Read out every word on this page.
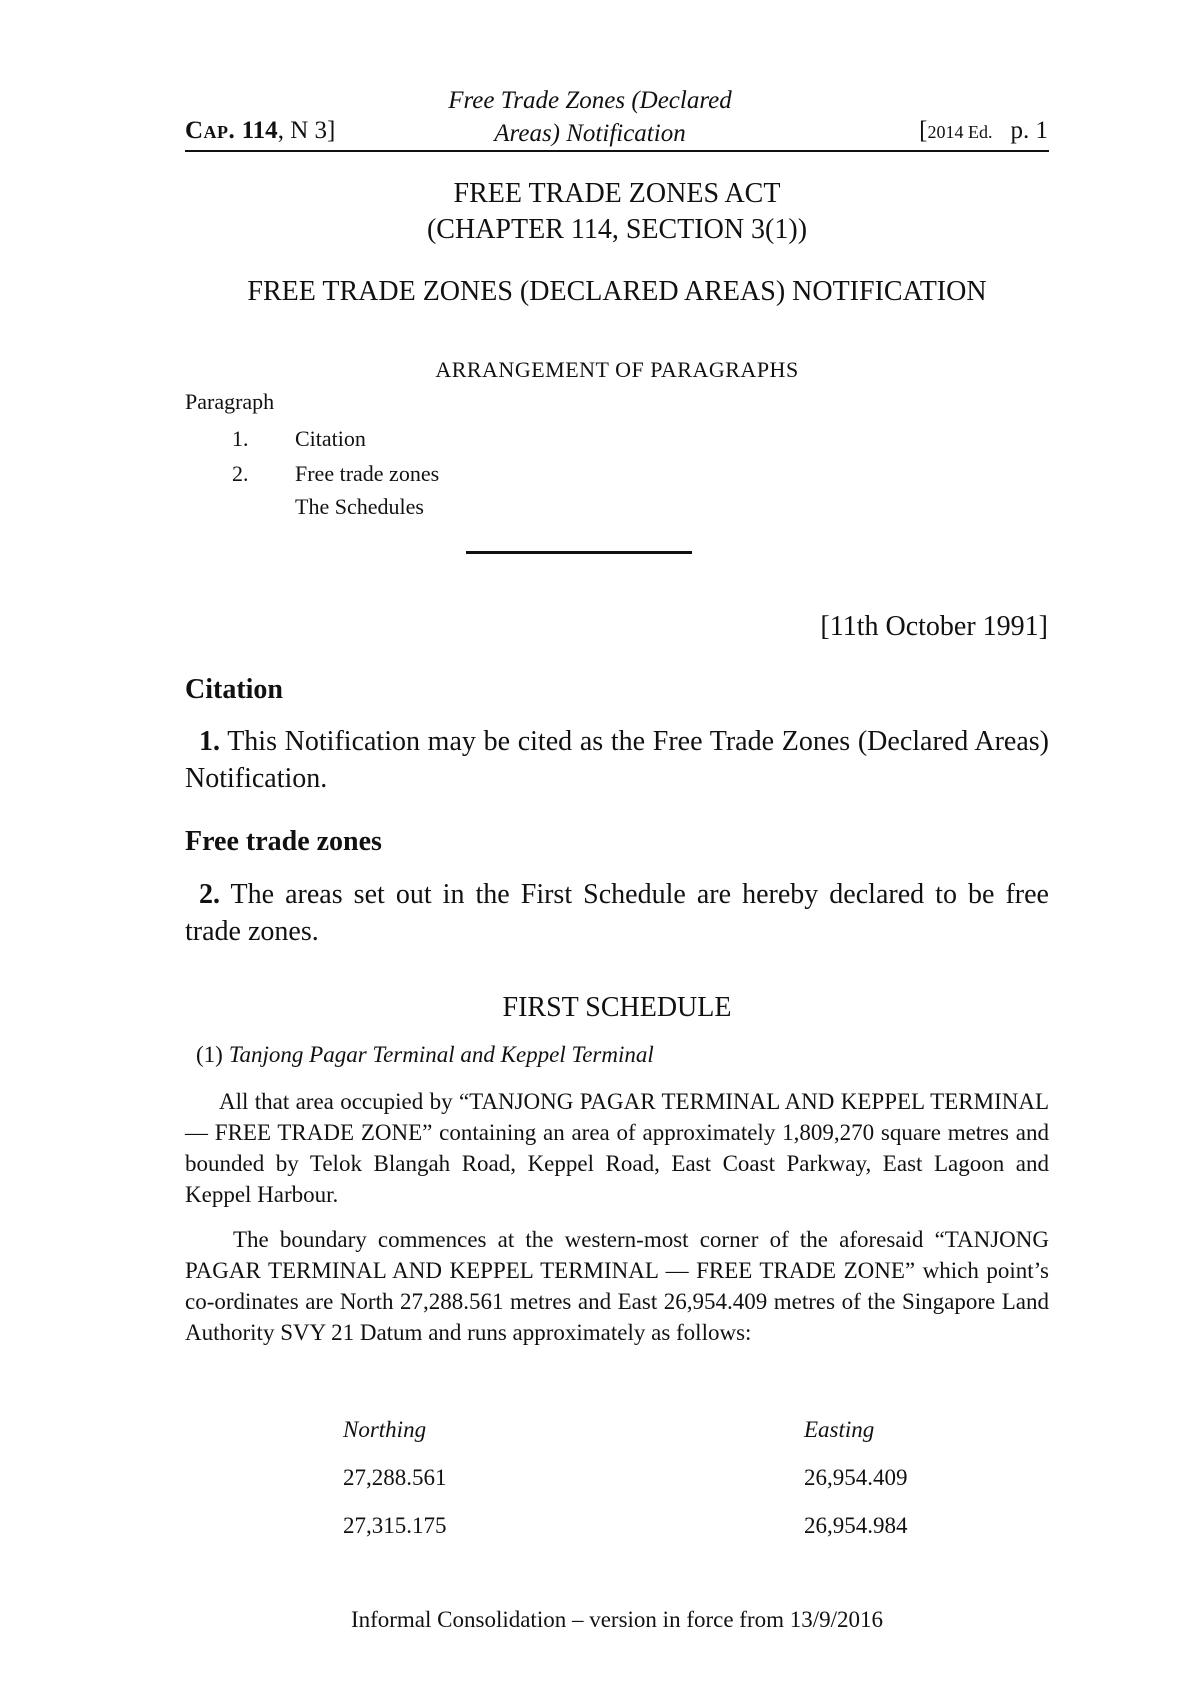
Cap. 114, N 3]
Free Trade Zones (Declared
Areas) Notification	[2014 Ed. p. 1
FREE TRADE ZONES ACT
(CHAPTER 114, SECTION 3(1))
FREE TRADE ZONES (DECLARED AREAS) NOTIFICATION
ARRANGEMENT OF PARAGRAPHS
Paragraph
1. Citation
2. Free trade zones
The Schedules
[11th October 1991]
Citation
1. This Notification may be cited as the Free Trade Zones (Declared Areas) Notification.
Free trade zones
2. The areas set out in the First Schedule are hereby declared to be free trade zones.
FIRST SCHEDULE
(1) Tanjong Pagar Terminal and Keppel Terminal
All that area occupied by “TANJONG PAGAR TERMINAL AND KEPPEL TERMINAL — FREE TRADE ZONE” containing an area of approximately 1,809,270 square metres and bounded by Telok Blangah Road, Keppel Road, East Coast Parkway, East Lagoon and Keppel Harbour.
The boundary commences at the western-most corner of the aforesaid “TANJONG PAGAR TERMINAL AND KEPPEL TERMINAL — FREE TRADE ZONE” which point’s co-ordinates are North 27,288.561 metres and East 26,954.409 metres of the Singapore Land Authority SVY 21 Datum and runs approximately as follows:
Northing	Easting
27,288.561	26,954.409
27,315.175	26,954.984
Informal Consolidation – version in force from 13/9/2016
